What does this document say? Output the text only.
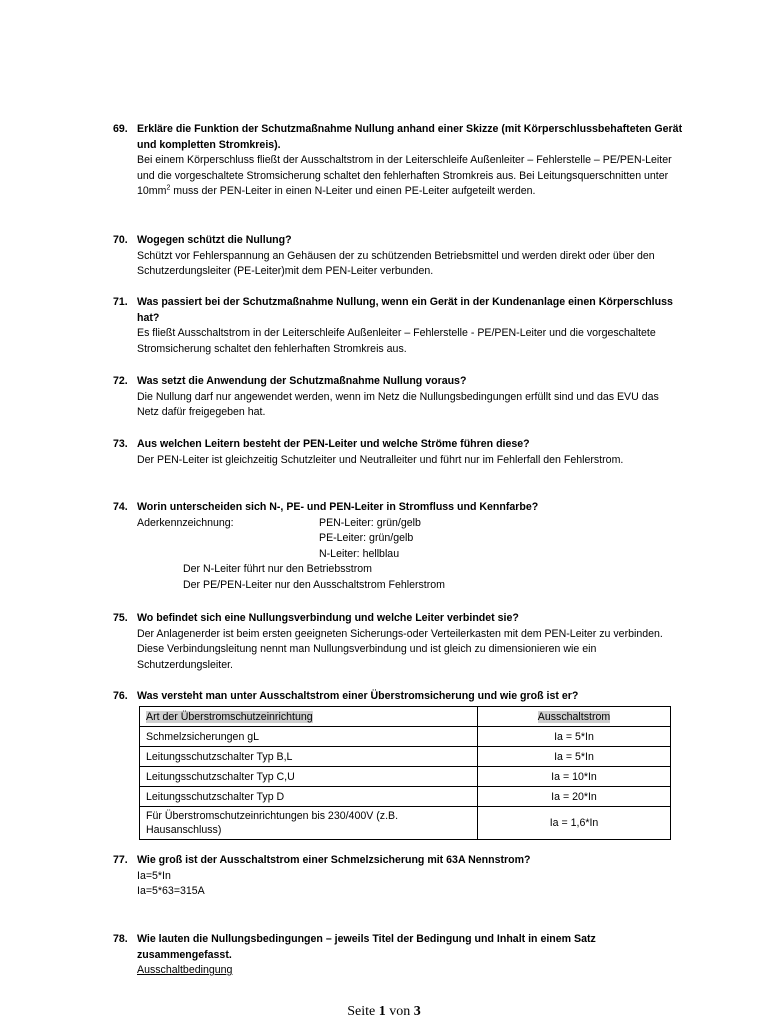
69. Erkläre die Funktion der Schutzmaßnahme Nullung anhand einer Skizze (mit Körperschlussbehafteten Gerät und kompletten Stromkreis).
Bei einem Körperschluss fließt der Ausschaltstrom in der Leiterschleife Außenleiter – Fehlerstelle – PE/PEN-Leiter und die vorgeschaltete Stromsicherung schaltet den fehlerhaften Stromkreis aus. Bei Leitungsquerschnitten unter $10mm^2$ muss der PEN-Leiter in einen N-Leiter und einen PE-Leiter aufgeteilt werden.
70. Wogegen schützt die Nullung?
Schützt vor Fehlerspannung an Gehäusen der zu schützenden Betriebsmittel und werden direkt oder über den Schutzerdungsleiter (PE-Leiter)mit dem PEN-Leiter verbunden.
71. Was passiert bei der Schutzmaßnahme Nullung, wenn ein Gerät in der Kundenanlage einen Körperschluss hat?
Es fließt Ausschaltstrom in der Leiterschleife Außenleiter – Fehlerstelle - PE/PEN-Leiter und die vorgeschaltete Stromsicherung schaltet den fehlerhaften Stromkreis aus.
72. Was setzt die Anwendung der Schutzmaßnahme Nullung voraus?
Die Nullung darf nur angewendet werden, wenn im Netz die Nullungsbedingungen erfüllt sind und das EVU das Netz dafür freigegeben hat.
73. Aus welchen Leitern besteht der PEN-Leiter und welche Ströme führen diese?
Der PEN-Leiter ist gleichzeitig Schutzleiter und Neutralleiter und führt nur im Fehlerfall den Fehlerstrom.
74. Worin unterscheiden sich N-, PE- und PEN-Leiter in Stromfluss und Kennfarbe?
Aderkennzeichnung:	PEN-Leiter: grün/gelb
PE-Leiter: grün/gelb
N-Leiter: hellblau
Der N-Leiter führt nur den Betriebsstrom
Der PE/PEN-Leiter nur den Ausschaltstrom Fehlerstrom
75. Wo befindet sich eine Nullungsverbindung und welche Leiter verbindet sie?
Der Anlagenerder ist beim ersten geeigneten Sicherungs-oder Verteilerkasten mit dem PEN-Leiter zu verbinden. Diese Verbindungsleitung nennt man Nullungsverbindung und ist gleich zu dimensionieren wie ein Schutzerdungsleiter.
76. Was versteht man unter Ausschaltstrom einer Überstromsicherung und wie groß ist er?
Art der Überstromschutzeinrichtung	Ausschaltstrom
Schmelzsicherungen gL	Ia = 5*In
Leitungsschutzschalter Typ B,L	Ia = 5*In
Leitungsschutzschalter Typ C,U	Ia = 10*In
Leitungsschutzschalter Typ D	Ia = 20*In
Für Überstromschutzeinrichtungen bis 230/400V (z.B. Hausanschluss)	Ia = 1,6*In
77. Wie groß ist der Ausschaltstrom einer Schmelzsicherung mit 63A Nennstrom?
Ia=5*In
Ia=5*63=315A
78. Wie lauten die Nullungsbedingungen – jeweils Titel der Bedingung und Inhalt in einem Satz zusammengefasst.
Ausschaltbedingung
Seite 1 von 3
